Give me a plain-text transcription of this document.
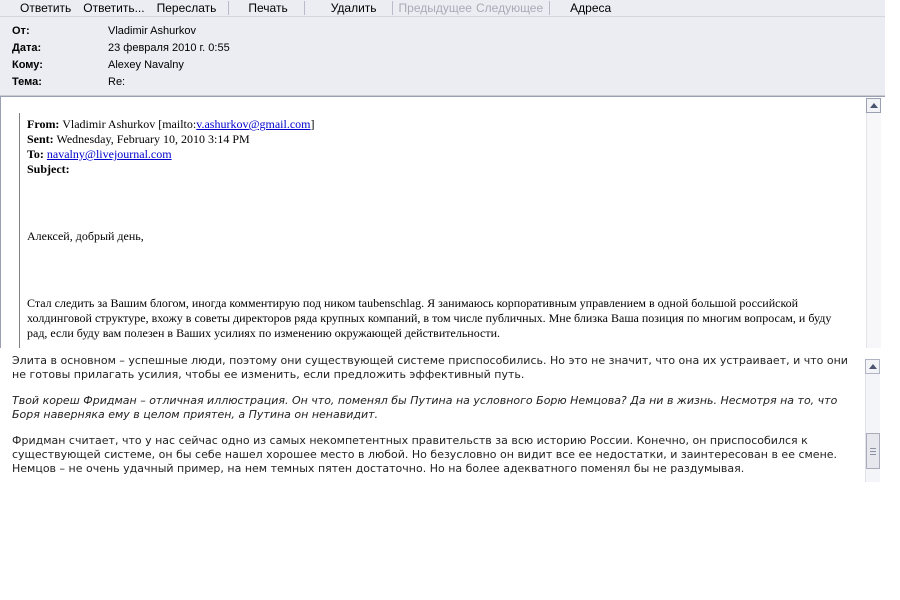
Ответить Ответить... Переслать	Печать	Удалить Предыдущее Следующее Адреса
От:	Vladimir Ashurkov
Дата:	23 февраля 2010 г. 0:55
Кому:	Alexey Navalny
Тема:	Re:
From: Vladimir Ashurkov [mailto:v.ashurkov@gmail.com]
Sent: Wednesday, February 10, 2010 3:14 PM
To: navalny@livejournal.com
Subject:
Алексей, добрый день,
Стал следить за Вашим блогом, иногда комментирую под ником taubenschlag. Я занимаюсь корпоративным управлением в одной большой российской холдинговой структуре, вхожу в советы директоров ряда крупных компаний, в том числе публичных. Мне близка Ваша позиция по многим вопросам, и буду рад, если буду вам полезен в Ваших усилиях по изменению окружающей действительности.

Элита в основном – успешные люди, поэтому они существующей системе приспособились. Но это не значит, что она их устраивает, и что они не готовы прилагать усилия, чтобы ее изменить, если предложить эффективный путь.

Твой кореш Фридман – отличная иллюстрация. Он что, поменял бы Путина на условного Борю Немцова? Да ни в жизнь. Несмотря на то, что Боря наверняка ему в целом приятен, а Путина он ненавидит.

Фридман считает, что у нас сейчас одно из самых некомпетентных правительств за всю историю России. Конечно, он приспособился к существующей системе, он бы себе нашел хорошее место в любой. Но безусловно он видит все ее недостатки, и заинтересован в ее смене. Немцов – не очень удачный пример, на нем темных пятен достаточно. Но на более адекватного поменял бы не раздумывая.
